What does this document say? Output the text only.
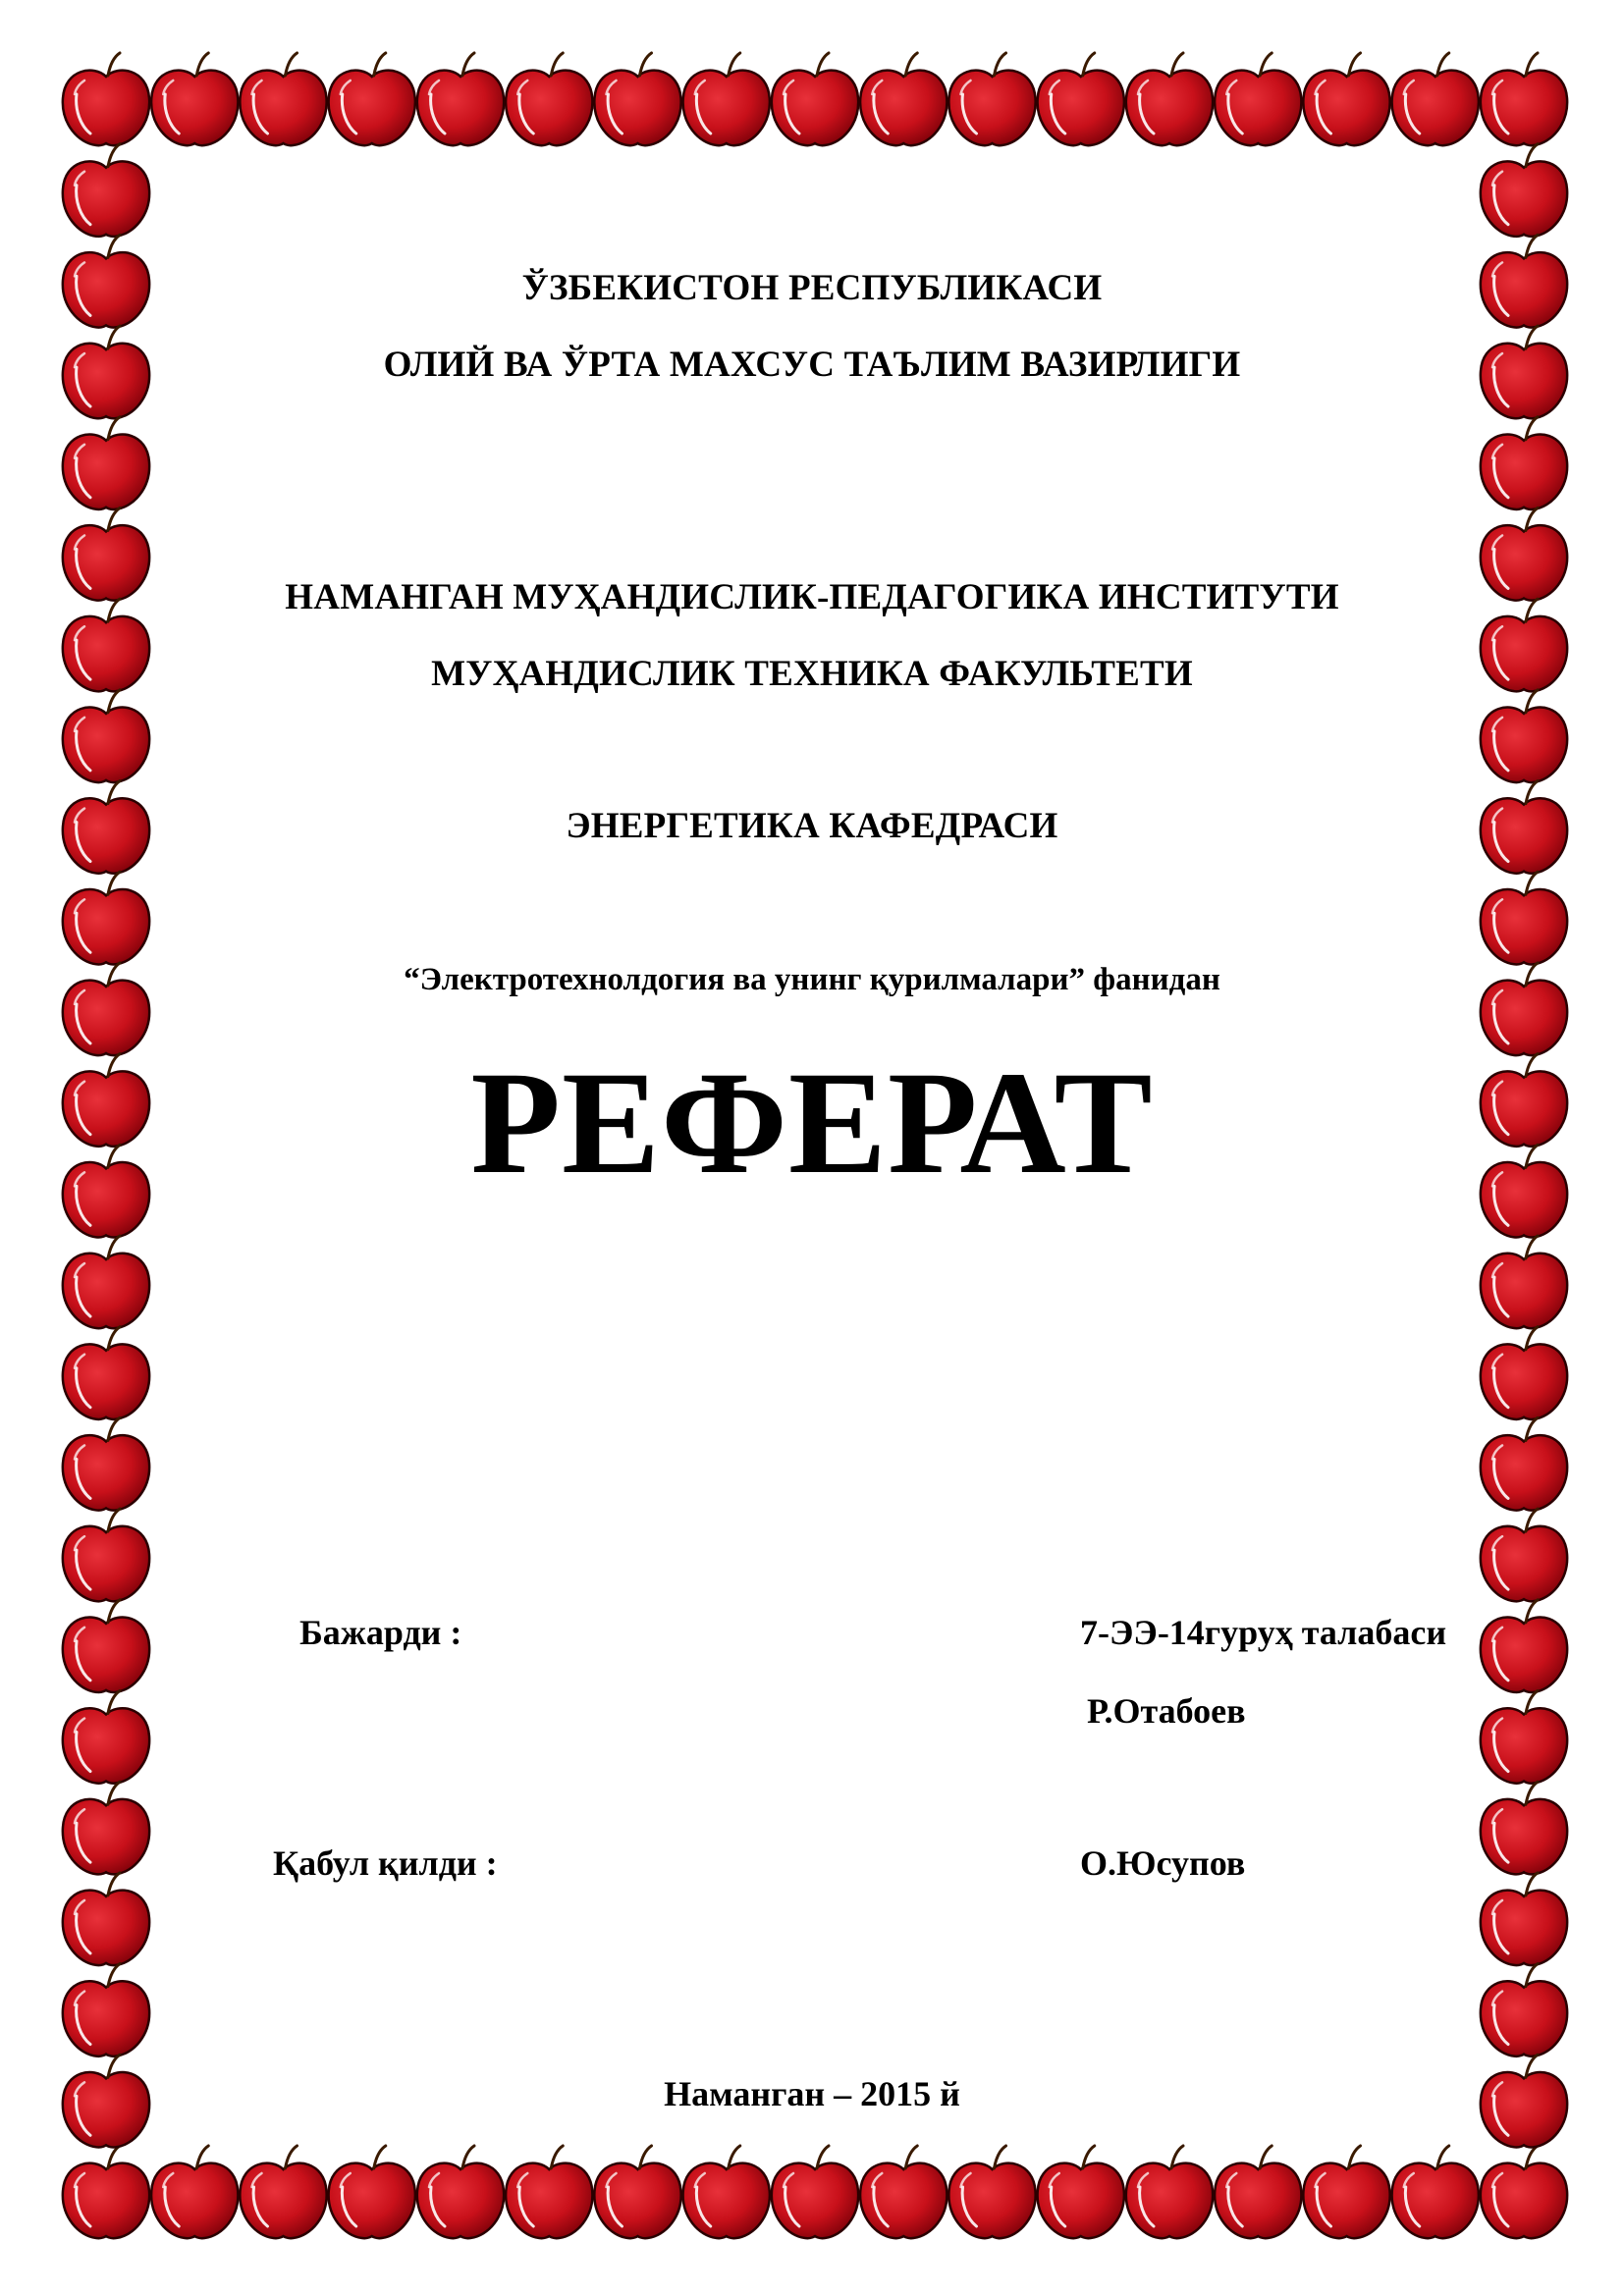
ЎЗБЕКИСТОН РЕСПУБЛИКАСИ
ОЛИЙ ВА ЎРТА МАХСУС ТАЪЛИМ ВАЗИРЛИГИ
НАМАНГАН МУҲАНДИСЛИК-ПЕДАГОГИКА ИНСТИТУТИ
МУҲАНДИСЛИК ТЕХНИКА ФАКУЛЬТЕТИ
ЭНЕРГЕТИКА КАФЕДРАСИ
“Электротехнолдогия ва унинг қурилмалари” фанидан
РЕФЕРАТ
Бажарди :	7-ЭЭ-14гуруҳ талабаси
Р.Отабоев
Қабул қилди :	О.Юсупов
Наманган – 2015 й
